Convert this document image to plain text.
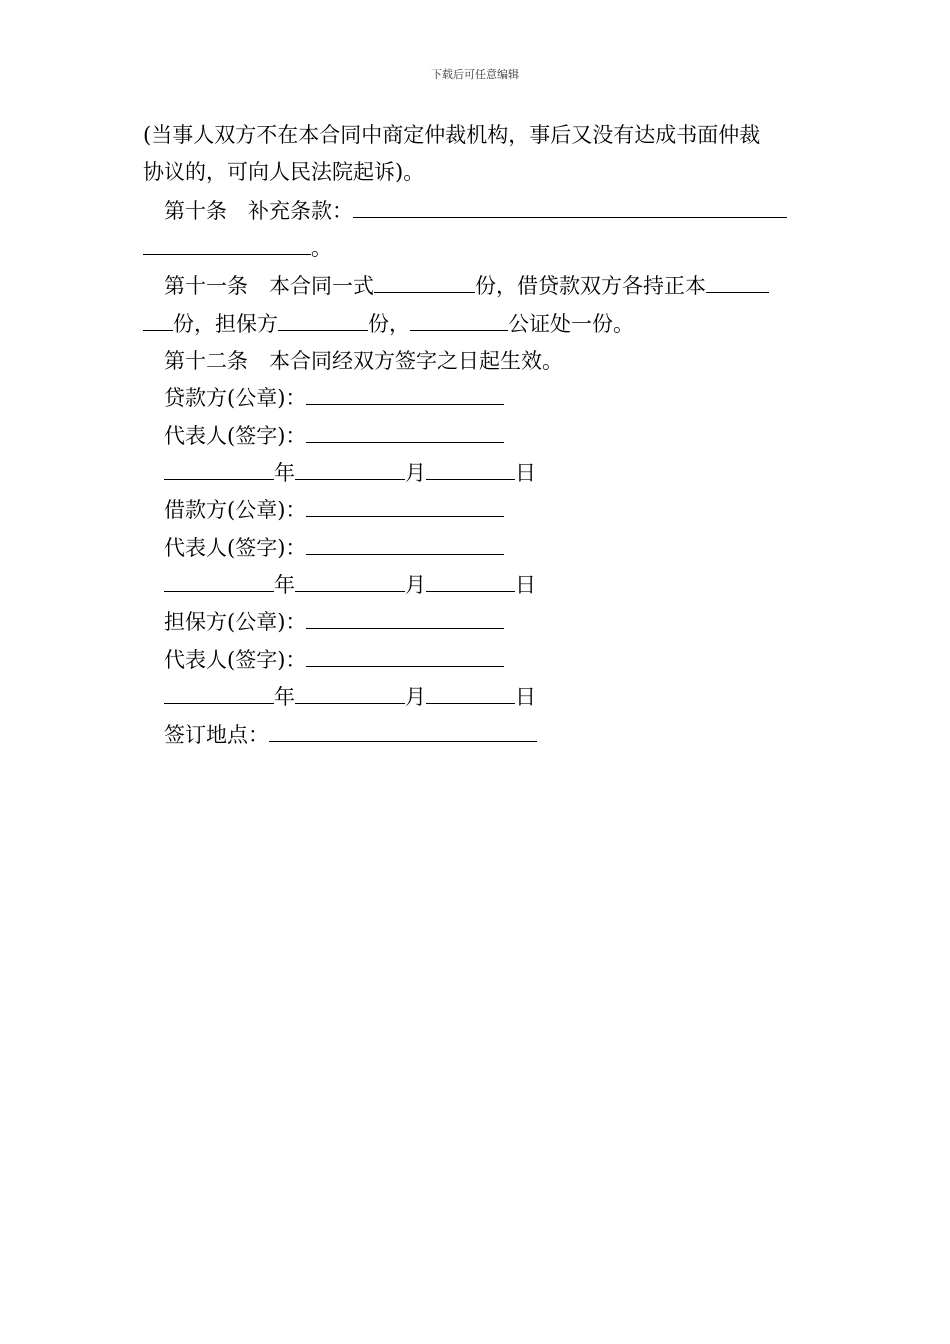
下载后可任意编辑
(当事人双方不在本合同中商定仲裁机构，事后又没有达成书面仲裁
协议的，可向人民法院起诉)。
第十条　补充条款：
。
第十一条　本合同一式	份，借贷款双方各持正本
份，担保方	份，	公证处一份。
第十二条　本合同经双方签字之日起生效。
贷款方(公章)：
代表人(签字)：
年	月	日
借款方(公章)：
代表人(签字)：
年	月	日
担保方(公章)：
代表人(签字)：
年	月	日
签订地点：
